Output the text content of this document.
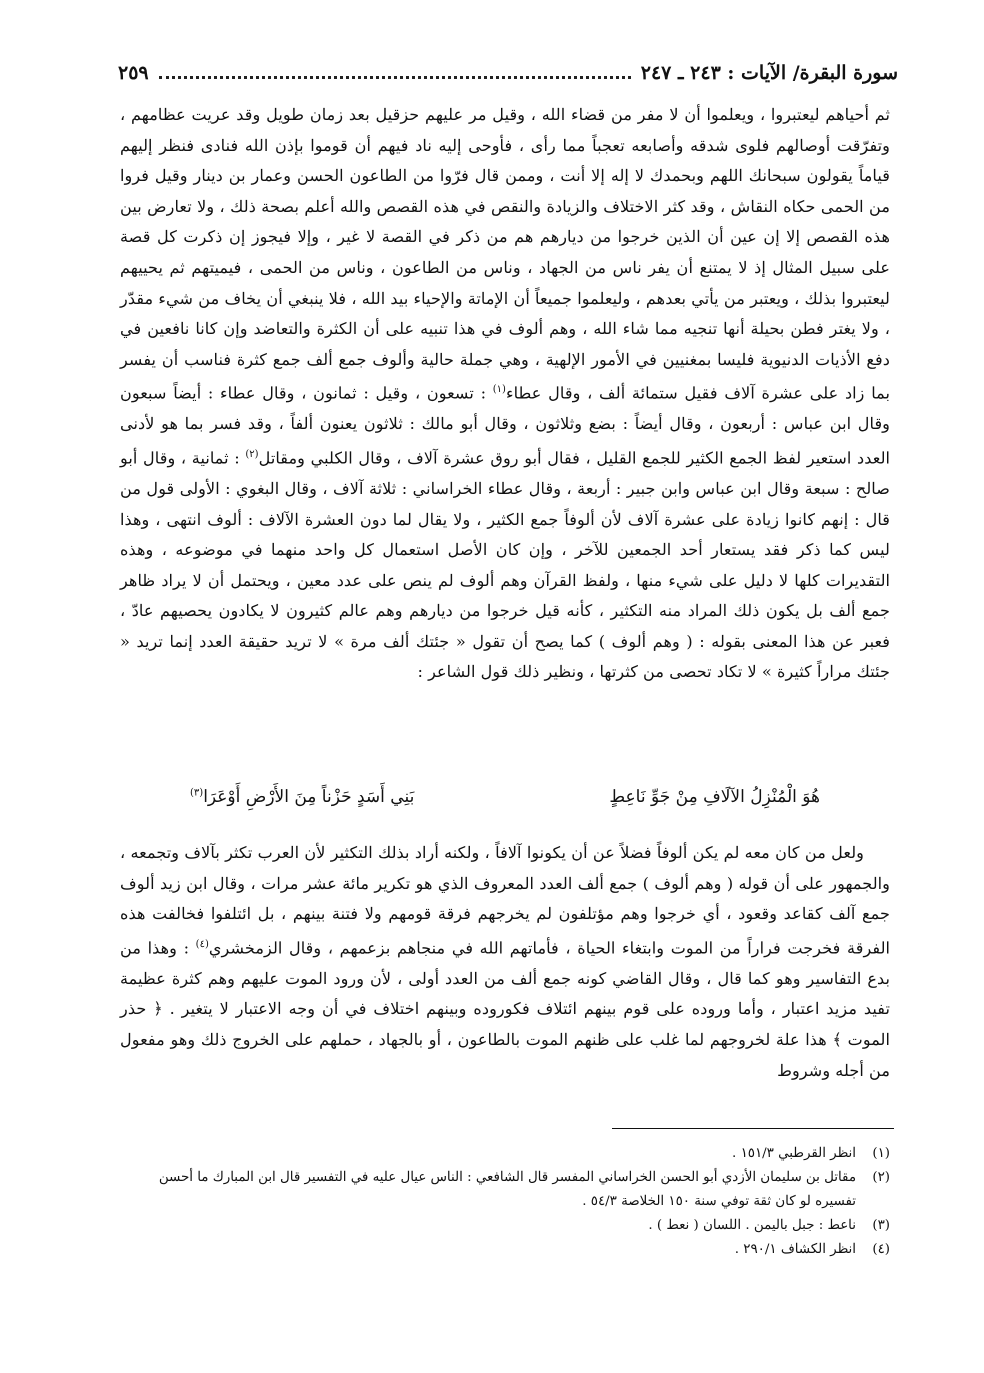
سورة البقرة/ الآيات : ٢٤٣ ـ ٢٤٧
٢٥٩

ثم أحياهم ليعتبروا ، ويعلموا أن لا مفر من قضاء الله ، وقيل مر عليهم حزقيل بعد زمان طويل وقد عريت عظامهم ، وتفرّقت أوصالهم فلوى شدقه وأصابعه تعجباً مما رأى ، فأوحى إليه ناد فيهم أن قوموا بإذن الله فنادى فنظر إليهم قياماً يقولون سبحانك اللهم وبحمدك لا إله إلا أنت ، وممن قال فرّوا من الطاعون الحسن وعمار بن دينار وقيل فروا من الحمى حكاه النقاش ، وقد كثر الاختلاف والزيادة والنقص في هذه القصص والله أعلم بصحة ذلك ، ولا تعارض بين هذه القصص إلا إن عين أن الذين خرجوا من ديارهم هم من ذكر في القصة لا غير ، وإلا فيجوز إن ذكرت كل قصة على سبيل المثال إذ لا يمتنع أن يفر ناس من الجهاد ، وناس من الطاعون ، وناس من الحمى ، فيميتهم ثم يحييهم ليعتبروا بذلك ، ويعتبر من يأتي بعدهم ، وليعلموا جميعاً أن الإماتة والإحياء بيد الله ، فلا ينبغي أن يخاف من شيء مقدّر ، ولا يغتر فطن بحيلة أنها تنجيه مما شاء الله ، وهم ألوف في هذا تنبيه على أن الكثرة والتعاضد وإن كانا نافعين في دفع الأذيات الدنيوية فليسا بمغنيين في الأمور الإلهية ، وهي جملة حالية وألوف جمع ألف جمع كثرة فناسب أن يفسر بما زاد على عشرة آلاف فقيل ستمائة ألف ، وقال عطاء$^{(١)}$ : تسعون ، وقيل : ثمانون ، وقال عطاء : أيضاً سبعون وقال ابن عباس : أربعون ، وقال أيضاً : بضع وثلاثون ، وقال أبو مالك : ثلاثون يعنون ألفاً ، وقد فسر بما هو لأدنى العدد استعير لفظ الجمع الكثير للجمع القليل ، فقال أبو روق عشرة آلاف ، وقال الكلبي ومقاتل$^{(٢)}$ : ثمانية ، وقال أبو صالح : سبعة وقال ابن عباس وابن جبير : أربعة ، وقال عطاء الخراساني : ثلاثة آلاف ، وقال البغوي : الأولى قول من قال : إنهم كانوا زيادة على عشرة آلاف لأن ألوفاً جمع الكثير ، ولا يقال لما دون العشرة الآلاف : ألوف انتهى ، وهذا ليس كما ذكر فقد يستعار أحد الجمعين للآخر ، وإن كان الأصل استعمال كل واحد منهما في موضوعه ، وهذه التقديرات كلها لا دليل على شيء منها ، ولفظ القرآن وهم ألوف لم ينص على عدد معين ، ويحتمل أن لا يراد ظاهر جمع ألف بل يكون ذلك المراد منه التكثير ، كأنه قيل خرجوا من ديارهم وهم عالم كثيرون لا يكادون يحصيهم عادّ ، فعبر عن هذا المعنى بقوله : ( وهم ألوف ) كما يصح أن تقول « جئتك ألف مرة » لا تريد حقيقة العدد إنما تريد « جئتك مراراً كثيرة » لا تكاد تحصى من كثرتها ، ونظير ذلك قول الشاعر :

هُوَ الْمُنْزِلُ الآلَافِ مِنْ جَوِّ نَاعِطٍ
بَنِي أَسَدٍ حَزْناً مِنَ الأَرْضِ أَوْعَرَا$^{(٣)}$

ولعل من كان معه لم يكن ألوفاً فضلاً عن أن يكونوا آلافاً ، ولكنه أراد بذلك التكثير لأن العرب تكثر بآلاف وتجمعه ، والجمهور على أن قوله ( وهم ألوف ) جمع ألف العدد المعروف الذي هو تكرير مائة عشر مرات ، وقال ابن زيد ألوف جمع آلف كقاعد وقعود ، أي خرجوا وهم مؤتلفون لم يخرجهم فرقة قومهم ولا فتنة بينهم ، بل ائتلفوا فخالفت هذه الفرقة فخرجت فراراً من الموت وابتغاء الحياة ، فأماتهم الله في منجاهم بزعمهم ، وقال الزمخشري$^{(٤)}$ : وهذا من بدع التفاسير وهو كما قال ، وقال القاضي كونه جمع ألف من العدد أولى ، لأن ورود الموت عليهم وهم كثرة عظيمة تفيد مزيد اعتبار ، وأما وروده على قوم بينهم ائتلاف فكوروده وبينهم اختلاف في أن وجه الاعتبار لا يتغير . ﴿ حذر الموت ﴾ هذا علة لخروجهم لما غلب على ظنهم الموت بالطاعون ، أو بالجهاد ، حملهم على الخروج ذلك وهو مفعول من أجله وشروط

(١)
انظر القرطبي ١٥١/٣ .
(٢)
مقاتل بن سليمان الأزدي أبو الحسن الخراساني المفسر قال الشافعي : الناس عيال عليه في التفسير قال ابن المبارك ما أحسن تفسيره لو كان ثقة توفي سنة ١٥٠ الخلاصة ٥٤/٣ .
(٣)
ناعط : جبل باليمن . اللسان ( نعط ) .
(٤)
انظر الكشاف ٢٩٠/١ .
